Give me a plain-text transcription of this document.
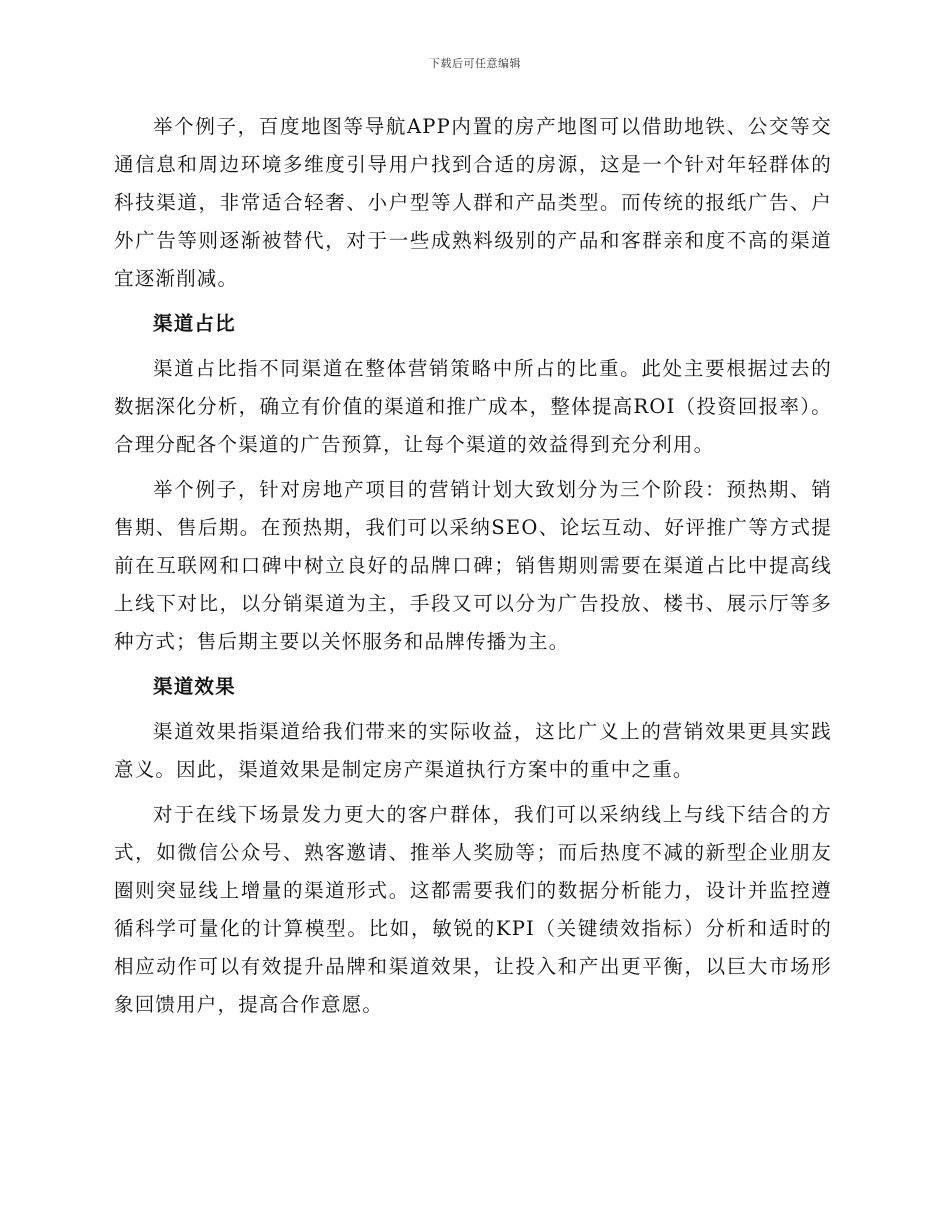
下载后可任意编辑

举个例子，百度地图等导航APP内置的房产地图可以借助地铁、公交等交通信息和周边环境多维度引导用户找到合适的房源，这是一个针对年轻群体的科技渠道，非常适合轻奢、小户型等人群和产品类型。而传统的报纸广告、户外广告等则逐渐被替代，对于一些成熟料级别的产品和客群亲和度不高的渠道宜逐渐削减。

渠道占比

渠道占比指不同渠道在整体营销策略中所占的比重。此处主要根据过去的数据深化分析，确立有价值的渠道和推广成本，整体提高ROI（投资回报率）。合理分配各个渠道的广告预算，让每个渠道的效益得到充分利用。

举个例子，针对房地产项目的营销计划大致划分为三个阶段：预热期、销售期、售后期。在预热期，我们可以采纳SEO、论坛互动、好评推广等方式提前在互联网和口碑中树立良好的品牌口碑；销售期则需要在渠道占比中提高线上线下对比，以分销渠道为主，手段又可以分为广告投放、楼书、展示厅等多种方式；售后期主要以关怀服务和品牌传播为主。

渠道效果

渠道效果指渠道给我们带来的实际收益，这比广义上的营销效果更具实践意义。因此，渠道效果是制定房产渠道执行方案中的重中之重。

对于在线下场景发力更大的客户群体，我们可以采纳线上与线下结合的方式，如微信公众号、熟客邀请、推举人奖励等；而后热度不减的新型企业朋友圈则突显线上增量的渠道形式。这都需要我们的数据分析能力，设计并监控遵循科学可量化的计算模型。比如，敏锐的KPI（关键绩效指标）分析和适时的相应动作可以有效提升品牌和渠道效果，让投入和产出更平衡，以巨大市场形象回馈用户，提高合作意愿。
